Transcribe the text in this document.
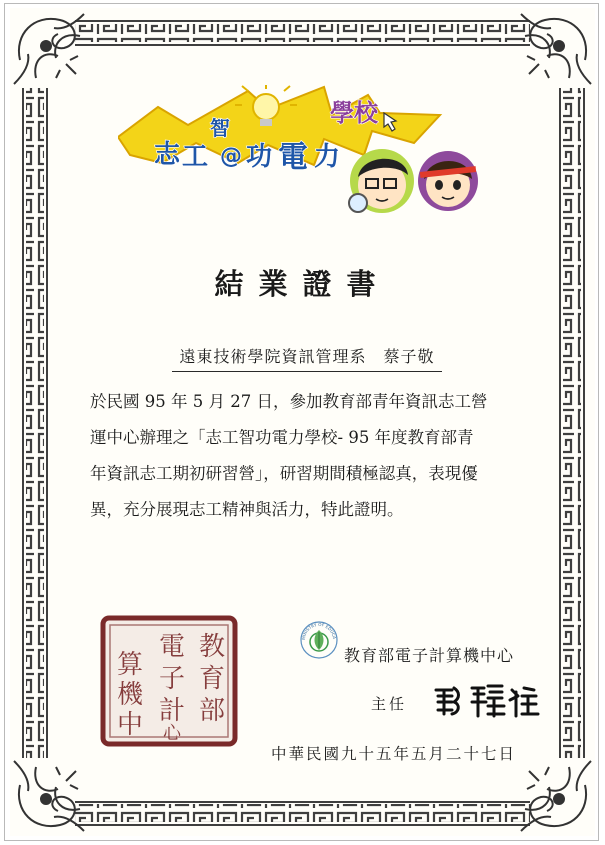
志 工
智
@ 功 電 力
學校
結業證書
遠東技術學院資訊管理系　蔡子敬
於民國 95 年 5 月 27 日，參加教育部青年資訊志工營
運中心辦理之「志工智功電力學校- 95 年度教育部青
年資訊志工期初研習營」，研習期間積極認真，表現優
異，充分展現志工精神與活力，特此證明。
教
育
部
電
子
計
算
機
中 心
MINISTRY OF EDUCA
教育部電子計算機中心
主任
中華民國九十五年五月二十七日
